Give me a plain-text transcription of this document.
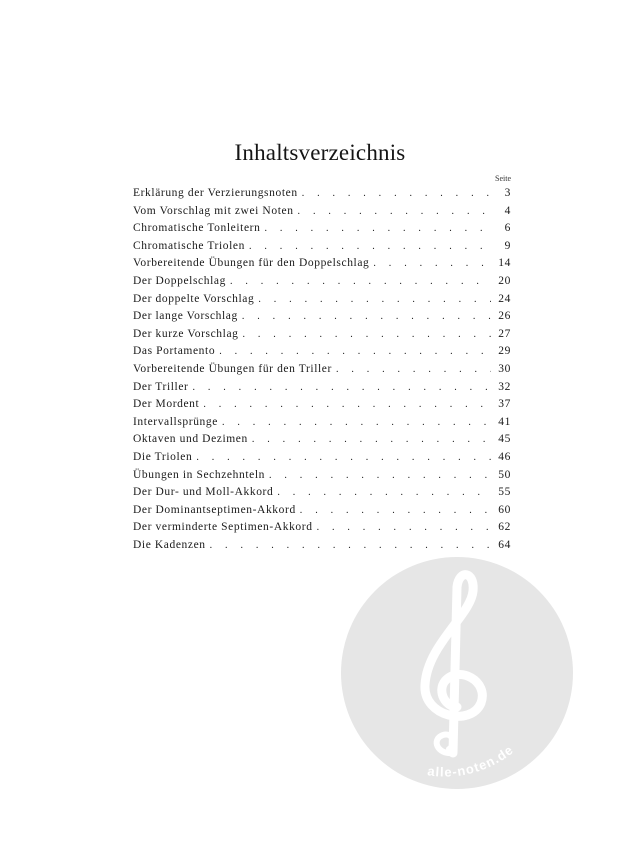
Inhaltsverzeichnis
Seite
Erklärung der Verzierungsnoten . . .	3
Vom Vorschlag mit zwei Noten . . .	4
Chromatische Tonleitern . . .	6
Chromatische Triolen . . .	9
Vorbereitende Übungen für den Doppelschlag . . .	14
Der Doppelschlag . . .	20
Der doppelte Vorschlag . . .	24
Der lange Vorschlag . . .	26
Der kurze Vorschlag . . .	27
Das Portamento . . .	29
Vorbereitende Übungen für den Triller . . .	30
Der Triller . . .	32
Der Mordent . . .	37
Intervallsprünge . . .	41
Oktaven und Dezimen . . .	45
Die Triolen . . .	46
Übungen in Sechzehnteln . . .	50
Der Dur- und Moll-Akkord . . .	55
Der Dominantseptimen-Akkord . . .	60
Der verminderte Septimen-Akkord . . .	62
Die Kadenzen . . .	64
alle-noten.de
